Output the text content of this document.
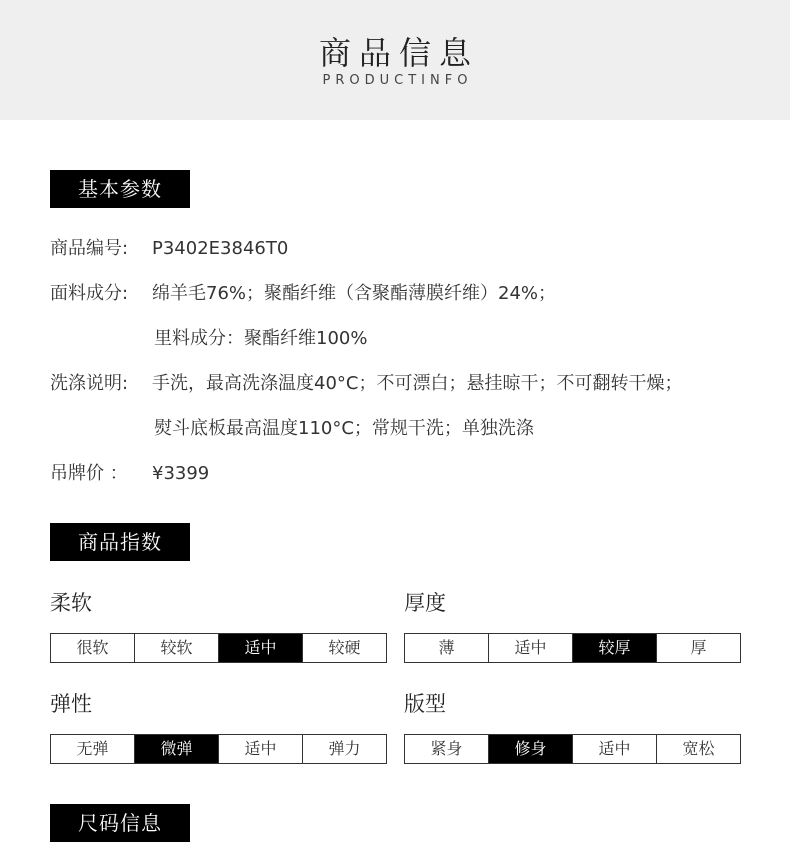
商品信息
PRODUCTINFO
基本参数
商品编号: P3402E3846T0
面料成分: 绵羊毛76%；聚酯纤维（含聚酯薄膜纤维）24%；
里料成分：聚酯纤维100%
洗涤说明: 手洗，最高洗涤温度40°C；不可漂白；悬挂晾干；不可翻转干燥；
熨斗底板最高温度110°C；常规干洗；单独洗涤
吊牌价 ： ¥3399
商品指数
柔软
很软	较软	适中	较硬
厚度
薄	适中	较厚	厚
弹性
无弹	微弹	适中	弹力
版型
紧身	修身	适中	宽松
尺码信息
